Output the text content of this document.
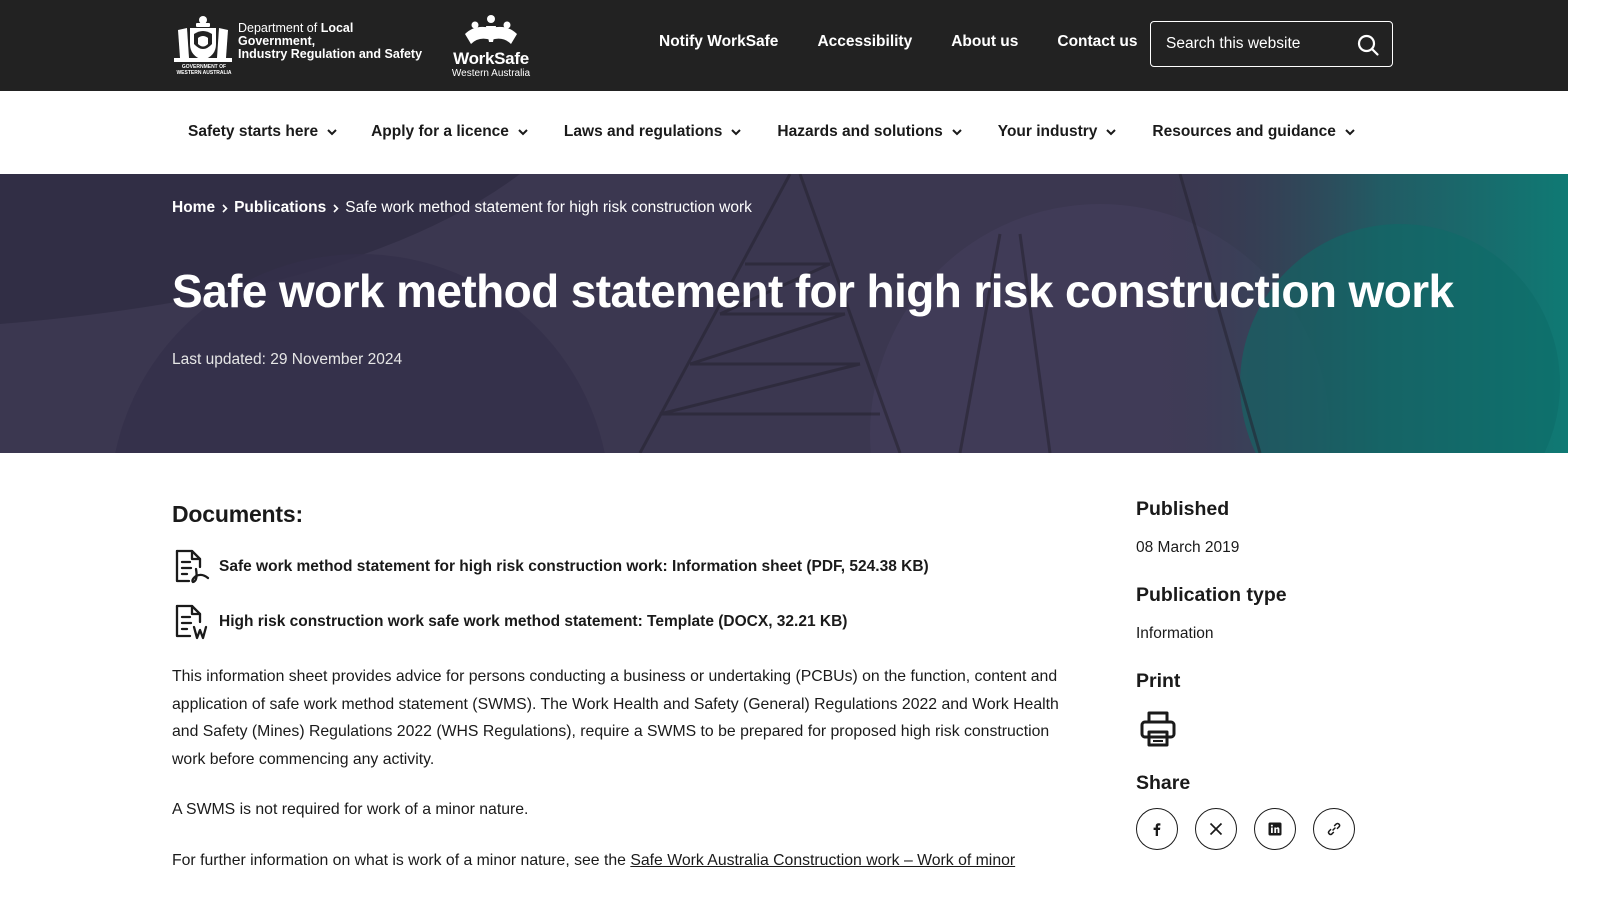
GOVERNMENT OF WESTERN AUSTRALIA
Department of Local Government,
Industry Regulation and Safety	WorkSafe
Western Australia
Notify WorkSafe	Accessibility	About us	Contact us
Search this website
Safety starts here	Apply for a licence	Laws and regulations	Hazards and solutions	Your industry	Resources and guidance
Home Publications Safe work method statement for high risk construction work
Safe work method statement for high risk construction work
Last updated: 29 November 2024
Documents:
Safe work method statement for high risk construction work: Information sheet (PDF, 524.38 KB)
High risk construction work safe work method statement: Template (DOCX, 32.21 KB)

This information sheet provides advice for persons conducting a business or undertaking (PCBUs) on the function, content and application of safe work method statement (SWMS). The Work Health and Safety (General) Regulations 2022 and Work Health and Safety (Mines) Regulations 2022 (WHS Regulations), require a SWMS to be prepared for proposed high risk construction work before commencing any activity.

A SWMS is not required for work of a minor nature.

For further information on what is work of a minor nature, see the Safe Work Australia Construction work – Work of minor

Published
08 March 2019
Publication type
Information
Print
Share
